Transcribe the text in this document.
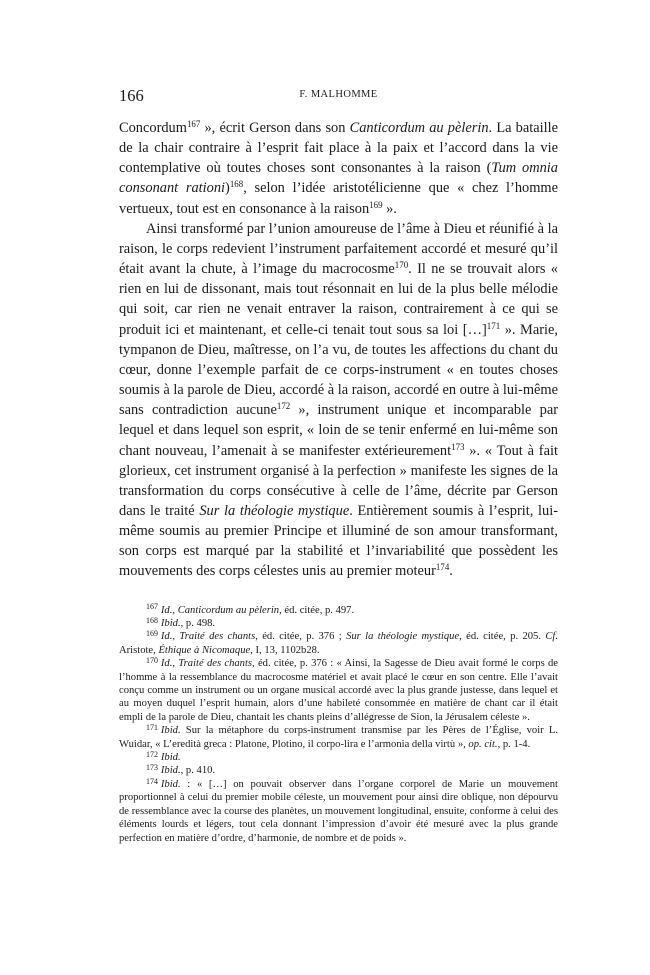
166	F. MALHOMME

Concordum$^{167}$ », écrit Gerson dans son Canticordum au pèlerin. La bataille de la chair contraire à l’esprit fait place à la paix et l’accord dans la vie contemplative où toutes choses sont consonantes à la raison (Tum omnia consonant rationi)$^{168}$, selon l’idée aristotélicienne que « chez l’homme vertueux, tout est en consonance à la raison$^{169}$ ».

Ainsi transformé par l’union amoureuse de l’âme à Dieu et réunifié à la raison, le corps redevient l’instrument parfaitement accordé et mesuré qu’il était avant la chute, à l’image du macrocosme$^{170}$. Il ne se trouvait alors « rien en lui de dissonant, mais tout résonnait en lui de la plus belle mélodie qui soit, car rien ne venait entraver la raison, contrairement à ce qui se produit ici et maintenant, et celle-ci tenait tout sous sa loi […]$^{171}$ ». Marie, tympanon de Dieu, maîtresse, on l’a vu, de toutes les affections du chant du cœur, donne l’exemple parfait de ce corps-instrument « en toutes choses soumis à la parole de Dieu, accordé à la raison, accordé en outre à lui-même sans contradiction aucune$^{172}$ », instrument unique et incomparable par lequel et dans lequel son esprit, « loin de se tenir enfermé en lui-même son chant nouveau, l’amenait à se manifester extérieurement$^{173}$ ». « Tout à fait glorieux, cet instrument organisé à la perfection » manifeste les signes de la transformation du corps consécutive à celle de l’âme, décrite par Gerson dans le traité Sur la théologie mystique. Entièrement soumis à l’esprit, lui-même soumis au premier Principe et illuminé de son amour transformant, son corps est marqué par la stabilité et l’invariabilité que possèdent les mouvements des corps célestes unis au premier moteur$^{174}$.

$^{167}$ Id., Canticordum au pèlerin, éd. citée, p. 497.

$^{168}$ Ibid., p. 498.

$^{169}$ Id., Traité des chants, éd. citée, p. 376 ; Sur la théologie mystique, éd. citée, p. 205. Cf. Aristote, Éthique à Nicomaque, I, 13, 1102b28.

$^{170}$ Id., Traité des chants, éd. citée, p. 376 : « Ainsi, la Sagesse de Dieu avait formé le corps de l’homme à la ressemblance du macrocosme matériel et avait placé le cœur en son centre. Elle l’avait conçu comme un instrument ou un organe musical accordé avec la plus grande justesse, dans lequel et au moyen duquel l’esprit humain, alors d’une habileté consommée en matière de chant car il était empli de la parole de Dieu, chantait les chants pleins d’allégresse de Sion, la Jérusalem céleste ».

$^{171}$ Ibid. Sur la métaphore du corps-instrument transmise par les Pères de l’Église, voir L. Wuidar, « L’eredità greca : Platone, Plotino, il corpo-lira e l’armonia della virtù », op. cit., p. 1-4.

$^{172}$ Ibid.

$^{173}$ Ibid., p. 410.

$^{174}$ Ibid. : « […] on pouvait observer dans l’organe corporel de Marie un mouvement proportionnel à celui du premier mobile céleste, un mouvement pour ainsi dire oblique, non dépourvu de ressemblance avec la course des planètes, un mouvement longitudinal, ensuite, conforme à celui des éléments lourds et légers, tout cela donnant l’impression d’avoir été mesuré avec la plus grande perfection en matière d’ordre, d’harmonie, de nombre et de poids ».
